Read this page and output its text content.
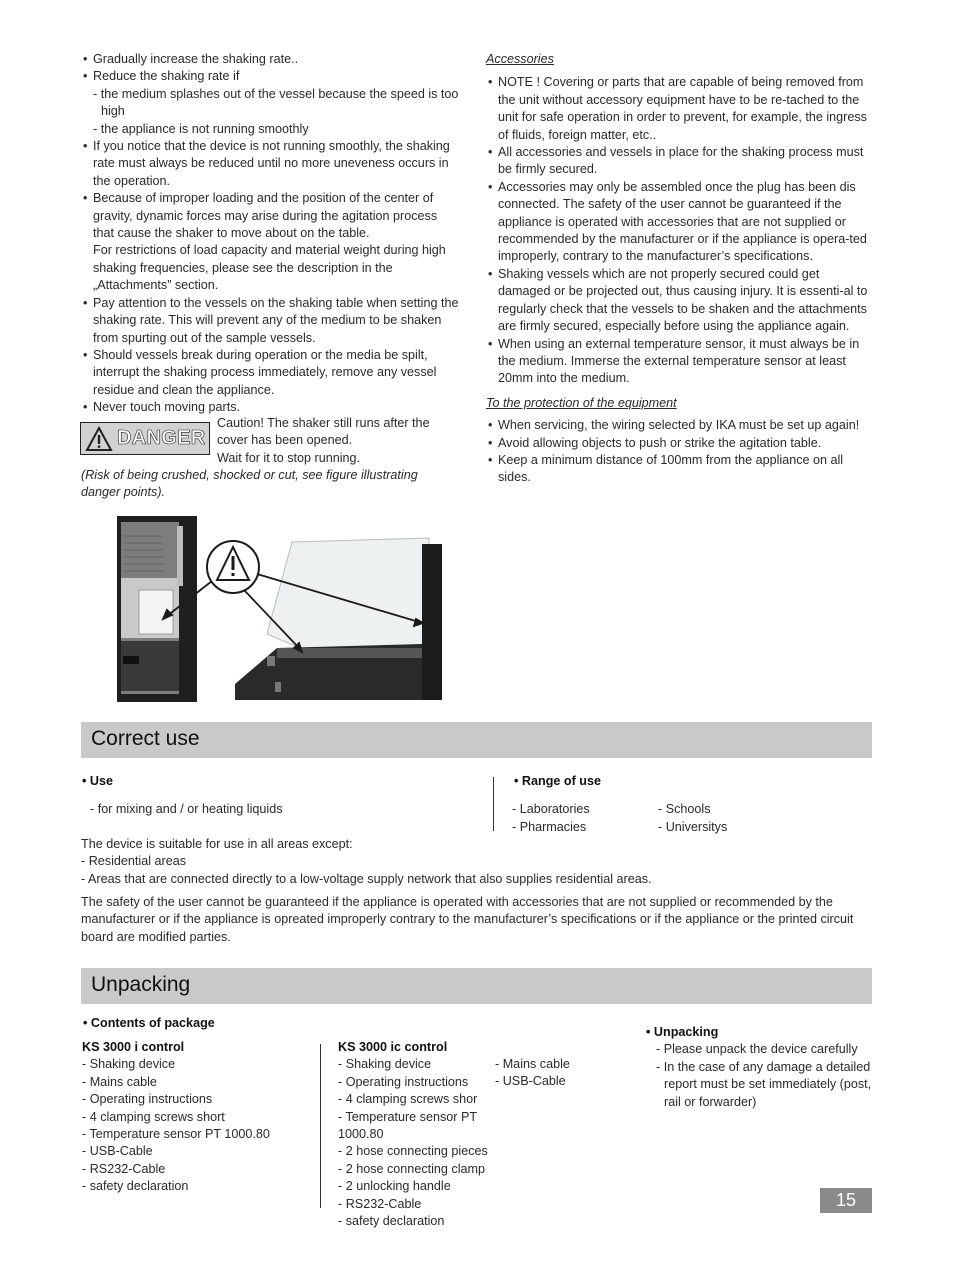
• Gradually increase the shaking rate..
• Reduce the shaking rate if
- the medium splashes out of the vessel because the speed is too high
- the appliance is not running smoothly
• If you notice that the device is not running smoothly, the shaking rate must always be reduced until no more uneveness occurs in the operation.
• Because of improper loading and the position of the center of gravity, dynamic forces may arise during the agitation process that cause the shaker to move about on the table.
For restrictions of load capacity and material weight during high shaking frequencies, please see the description in the „Attachments” section.
• Pay attention to the vessels on the shaking table when setting the shaking rate. This will prevent any of the medium to be shaken from spurting out of the sample vessels.
• Should vessels break during operation or the media be spilt, interrupt the shaking process immediately, remove any vessel residue and clean the appliance.
• Never touch moving parts.
DANGER
Caution! The shaker still runs after the cover has been opened.
Wait for it to stop running.
(Risk of being crushed, shocked or cut, see figure illustrating danger points).
Accessories
• NOTE ! Covering or parts that are capable of being removed from the unit without accessory equipment have to be re-tached to the unit for safe operation in order to prevent, for example, the ingress of fluids, foreign matter, etc..
• All accessories and vessels in place for the shaking process must be firmly secured.
• Accessories may only be assembled once the plug has been dis connected. The safety of the user cannot be guaranteed if the appliance is operated with accessories that are not supplied or recommended by the manufacturer or if the appliance is opera-ted improperly, contrary to the manufacturer’s specifications.
• Shaking vessels which are not properly secured could get damaged or be projected out, thus causing injury. It is essenti-al to regularly check that the vessels to be shaken and the attachments are firmly secured, especially before using the appliance again.
• When using an external temperature sensor, it must always be in the medium. Immerse the external temperature sensor at least 20mm into the medium.
To the protection of the equipment
• When servicing, the wiring selected by IKA must be set up again!
• Avoid allowing objects to push or strike the agitation table.
• Keep a minimum distance of 100mm from the appliance on all sides.
Correct use
• Use
- for mixing and / or heating liquids
• Range of use
- Laboratories	- Schools
- Pharmacies	- Universitys
The device is suitable for use in all areas except:
- Residential areas
- Areas that are connected directly to a low-voltage supply network that also supplies residential areas.
The safety of the user cannot be guaranteed if the appliance is operated with accessories that are not supplied or recommended by the manufacturer or if the appliance is opreated improperly contrary to the manufacturer’s specifications or if the appliance or the printed circuit board are modified parties.
Unpacking
• Contents of package
KS 3000 i control
- Shaking device
- Mains cable
- Operating instructions
- 4 clamping screws short
- Temperature sensor PT 1000.80
- USB-Cable
- RS232-Cable
- safety declaration
KS 3000 ic control
- Shaking device
- Operating instructions
- 4 clamping screws shor
- Temperature sensor PT 1000.80
- 2 hose connecting pieces
- 2 hose connecting clamp
- 2 unlocking handle
- RS232-Cable
- safety declaration
- Mains cable
- USB-Cable
• Unpacking
- Please unpack the device carefully
- In the case of any damage a detailed report must be set immediately (post, rail or forwarder)
15
